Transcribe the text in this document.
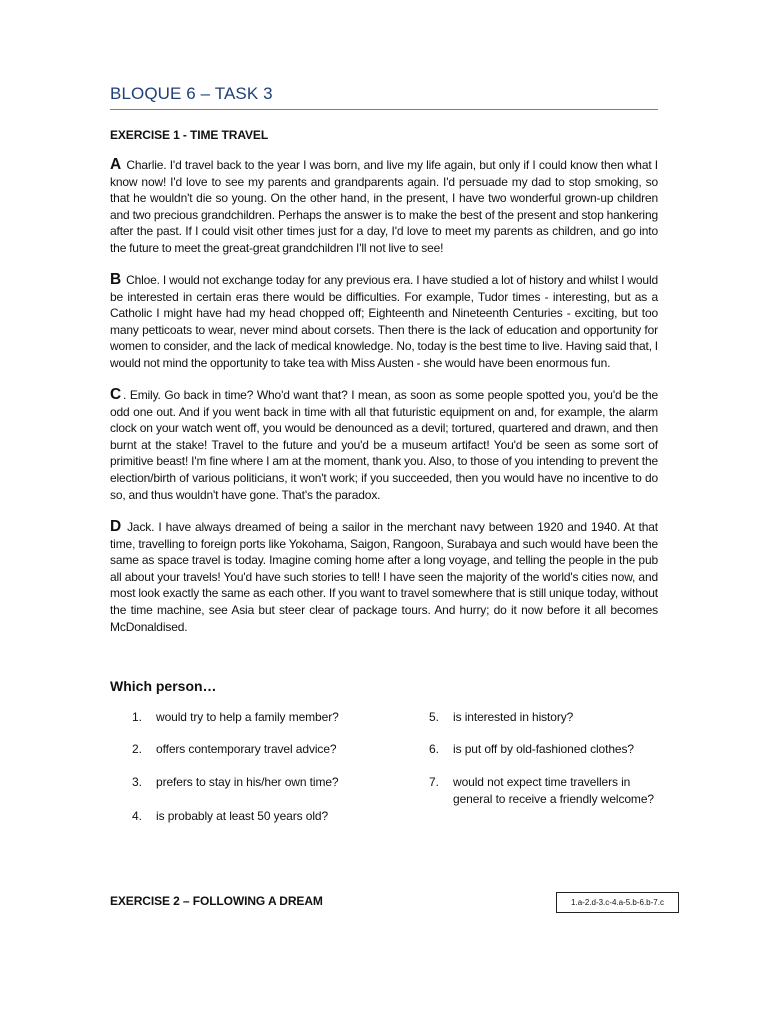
BLOQUE 6 – TASK 3
EXERCISE 1 - TIME TRAVEL
A Charlie. I'd travel back to the year I was born, and live my life again, but only if I could know then what I know now! I'd love to see my parents and grandparents again. I'd persuade my dad to stop smoking, so that he wouldn't die so young. On the other hand, in the present, I have two wonderful grown-up children and two precious grandchildren. Perhaps the answer is to make the best of the present and stop hankering after the past. If I could visit other times just for a day, I'd love to meet my parents as children, and go into the future to meet the great-great grandchildren I'll not live to see!
B Chloe. I would not exchange today for any previous era. I have studied a lot of history and whilst I would be interested in certain eras there would be difficulties. For example, Tudor times - interesting, but as a Catholic I might have had my head chopped off; Eighteenth and Nineteenth Centuries - exciting, but too many petticoats to wear, never mind about corsets. Then there is the lack of education and opportunity for women to consider, and the lack of medical knowledge. No, today is the best time to live. Having said that, I would not mind the opportunity to take tea with Miss Austen - she would have been enormous fun.
C . Emily. Go back in time? Who'd want that? I mean, as soon as some people spotted you, you'd be the odd one out. And if you went back in time with all that futuristic equipment on and, for example, the alarm clock on your watch went off, you would be denounced as a devil; tortured, quartered and drawn, and then burnt at the stake! Travel to the future and you'd be a museum artifact! You'd be seen as some sort of primitive beast! I'm fine where I am at the moment, thank you. Also, to those of you intending to prevent the election/birth of various politicians, it won't work; if you succeeded, then you would have no incentive to do so, and thus wouldn't have gone. That's the paradox.
D Jack. I have always dreamed of being a sailor in the merchant navy between 1920 and 1940. At that time, travelling to foreign ports like Yokohama, Saigon, Rangoon, Surabaya and such would have been the same as space travel is today. Imagine coming home after a long voyage, and telling the people in the pub all about your travels! You'd have such stories to tell! I have seen the majority of the world's cities now, and most look exactly the same as each other. If you want to travel somewhere that is still unique today, without the time machine, see Asia but steer clear of package tours. And hurry; do it now before it all becomes McDonaldised.
Which person…
1. would try to help a family member?
2. offers contemporary travel advice?
3. prefers to stay in his/her own time?
4. is probably at least 50 years old?
5. is interested in history?
6. is put off by old-fashioned clothes?
7. would not expect time travellers in general to receive a friendly welcome?
EXERCISE 2 – FOLLOWING A DREAM	1.a-2.d-3.c-4.a-5.b-6.b-7.c
